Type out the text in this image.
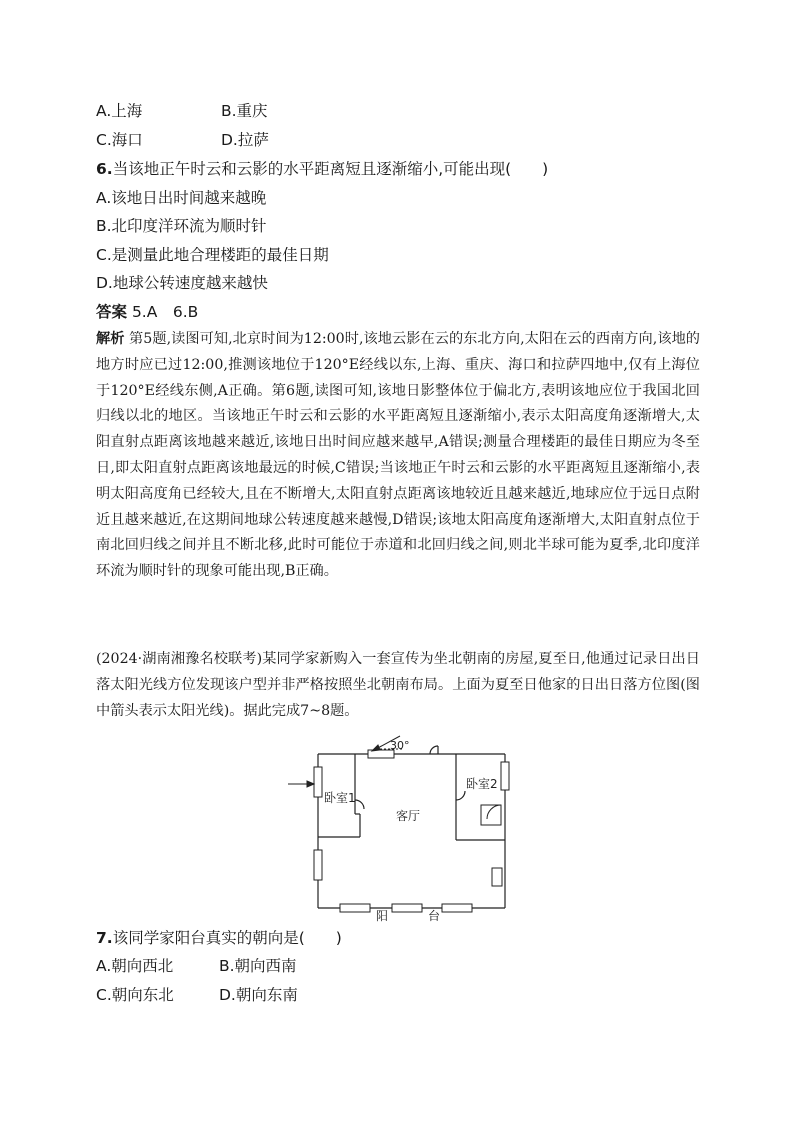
A.上海	B.重庆
C.海口	D.拉萨
6.当该地正午时云和云影的水平距离短且逐渐缩小,可能出现(　　)
A.该地日出时间越来越晚
B.北印度洋环流为顺时针
C.是测量此地合理楼距的最佳日期
D.地球公转速度越来越快
答案 5.A　6.B
解析 第5题,读图可知,北京时间为12:00时,该地云影在云的东北方向,太阳在云的西南方向,该地的地方时应已过12:00,推测该地位于120°E经线以东,上海、重庆、海口和拉萨四地中,仅有上海位于120°E经线东侧,A正确。第6题,读图可知,该地日影整体位于偏北方,表明该地应位于我国北回归线以北的地区。当该地正午时云和云影的水平距离短且逐渐缩小,表示太阳高度角逐渐增大,太阳直射点距离该地越来越近,该地日出时间应越来越早,A错误;测量合理楼距的最佳日期应为冬至日,即太阳直射点距离该地最远的时候,C错误;当该地正午时云和云影的水平距离短且逐渐缩小,表明太阳高度角已经较大,且在不断增大,太阳直射点距离该地较近且越来越近,地球应位于远日点附近且越来越近,在这期间地球公转速度越来越慢,D错误;该地太阳高度角逐渐增大,太阳直射点位于南北回归线之间并且不断北移,此时可能位于赤道和北回归线之间,则北半球可能为夏季,北印度洋环流为顺时针的现象可能出现,B正确。
(2024·湖南湘豫名校联考)某同学家新购入一套宣传为坐北朝南的房屋,夏至日,他通过记录日出日落太阳光线方位发现该户型并非严格按照坐北朝南布局。上面为夏至日他家的日出日落方位图(图中箭头表示太阳光线)。据此完成7~8题。
30°
卧室1
卧室2
客厅
阳	台
7.该同学家阳台真实的朝向是(　　)
A.朝向西北	B.朝向西南
C.朝向东北	D.朝向东南
